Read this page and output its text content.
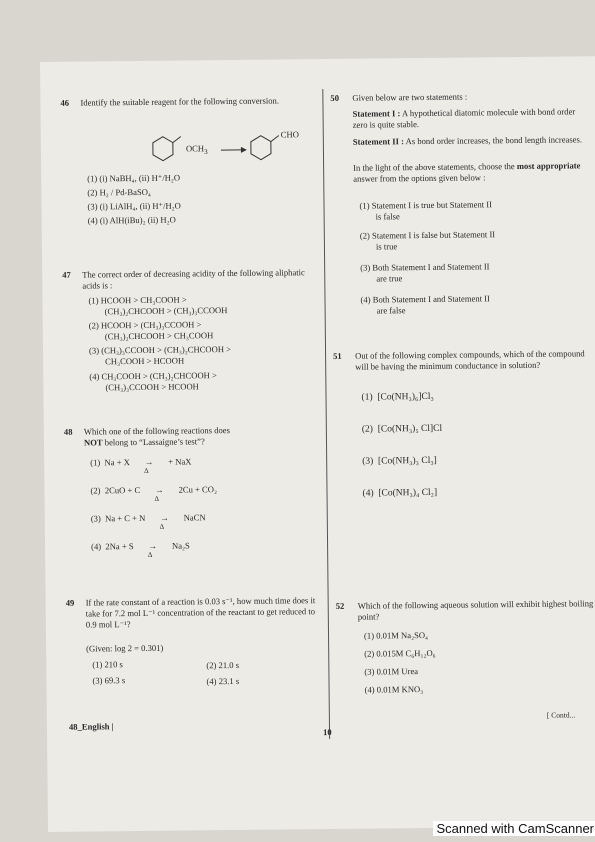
46 Identify the suitable reagent for the following conversion.
$OCH_3$
CHO
(1) (i) NaBH₄, (ii) H⁺/H₂O
(2) H₂ / Pd-BaSO₄
(3) (i) LiAlH₄, (ii) H⁺/H₂O
(4) (i) AlH(iBu)₂ (ii) H₂O
47 The correct order of decreasing acidity of the following aliphatic acids is :
(1) HCOOH > CH₃COOH >
(CH₃)₂CHCOOH > (CH₃)₃CCOOH
(2) HCOOH > (CH₃)₃CCOOH >
(CH₃)₂CHCOOH > CH₃COOH
(3) (CH₃)₃CCOOH > (CH₃)₂CHCOOH >
CH₃COOH > HCOOH
(4) CH₃COOH > (CH₃)₂CHCOOH >
(CH₃)₃CCOOH > HCOOH
48 Which one of the following reactions does
NOT belong to “Lassaigne’s test”?
(1) Na + X →
Δ
+ NaX
(2) 2CuO + C →
Δ
2Cu + CO₂
(3) Na + C + N →
Δ
NaCN
(4) 2Na + S →
Δ
Na₂S
49 If the rate constant of a reaction is 0.03 s⁻¹, how much time does it take for 7.2 mol L⁻¹ concentration of the reactant to get reduced to 0.9 mol L⁻¹?
(Given: log 2 = 0.301)
(1) 210 s	(2) 21.0 s
(3) 69.3 s	(4) 23.1 s
50 Given below are two statements :
Statement I : A hypothetical diatomic molecule with bond order zero is quite stable.
Statement II : As bond order increases, the bond length increases.
In the light of the above statements, choose the most appropriate answer from the options given below :
(1) Statement I is true but Statement II
is false
(2) Statement I is false but Statement II
is true
(3) Both Statement I and Statement II
are true
(4) Both Statement I and Statement II
are false
51 Out of the following complex compounds, which of the compound will be having the minimum conductance in solution?
(1)  [Co(NH₃)₆]Cl₃
(2)  [Co(NH₃)₅ Cl]Cl
(3)  [Co(NH₃)₃ Cl₃]
(4)  [Co(NH₃)₄ Cl₂]
52 Which of the following aqueous solution will exhibit highest boiling point?
(1) 0.01M Na₂SO₄
(2) 0.015M C₆H₁₂O₆
(3) 0.01M Urea
(4) 0.01M KNO₃
48_English |
10
[ Contd...
Scanned with CamScanner
